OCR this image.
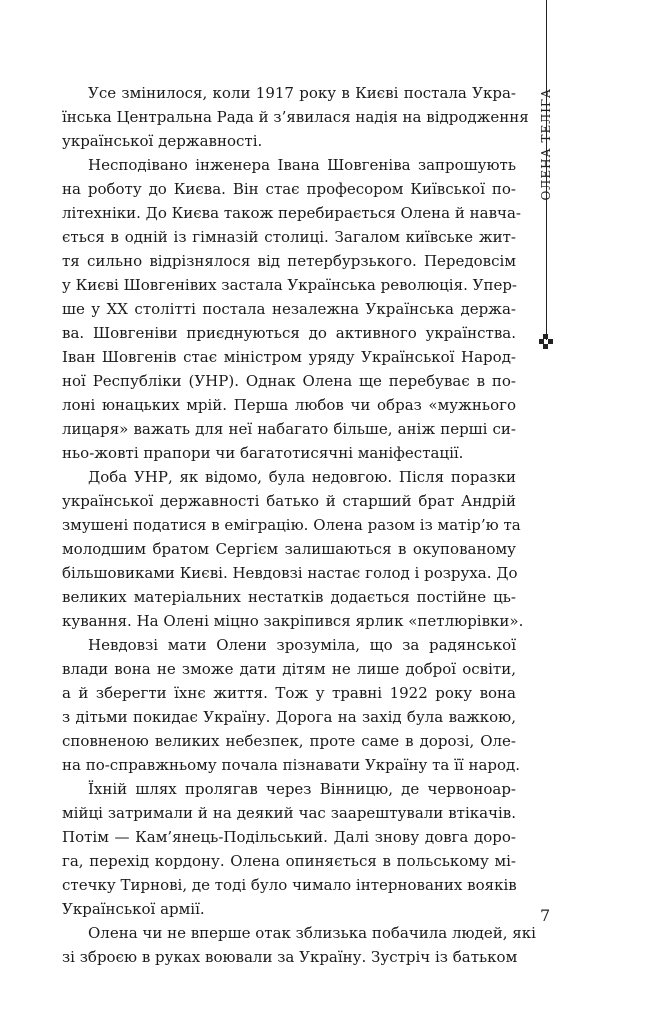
ОЛЕНА ТЕЛІГА
Усе змінилося, коли 1917 року в Києві постала Укра-
їнська Центральна Рада й з’явилася надія на відродження
української державності.
Несподівано інженера Івана Шовгеніва запрошують
на роботу до Києва. Він стає професором Київської по-
літехніки. До Києва також перебирається Олена й навча-
ється в одній із гімназій столиці. Загалом київське жит-
тя сильно відрізнялося від петербурзького. Передовсім
у Києві Шовгенівих застала Українська революція. Упер-
ше у XX столітті постала незалежна Українська держа-
ва. Шовгеніви приєднуються до активного українства.
Іван Шовгенів стає міністром уряду Української Народ-
ної Республіки (УНР). Однак Олена ще перебуває в по-
лоні юнацьких мрій. Перша любов чи образ «мужнього
лицаря» важать для неї набагато більше, аніж перші си-
ньо-жовті прапори чи багатотисячні маніфестації.
Доба УНР, як відомо, була недовгою. Після поразки
української державності батько й старший брат Андрій
змушені податися в еміграцію. Олена разом із матір’ю та
молодшим братом Сергієм залишаються в окупованому
більшовиками Києві. Невдовзі настає голод і розруха. До
великих матеріальних нестатків додається постійне ць-
кування. На Олені міцно закріпився ярлик «петлюрівки».
Невдовзі мати Олени зрозуміла, що за радянської
влади вона не зможе дати дітям не лише доброї освіти,
а й зберегти їхнє життя. Тож у травні 1922 року вона
з дітьми покидає Україну. Дорога на захід була важкою,
сповненою великих небезпек, проте саме в дорозі, Оле-
на по-справжньому почала пізнавати Україну та її народ.
Їхній шлях пролягав через Вінницю, де червоноар-
мійці затримали й на деякий час заарештували втікачів.
Потім — Кам’янець-Подільський. Далі знову довга доро-
га, перехід кордону. Олена опиняється в польському мі-
стечку Тирнові, де тоді було чимало інтернованих вояків
Української армії.
Олена чи не вперше отак зблизька побачила людей, які
зі зброєю в руках воювали за Україну. Зустріч із батьком
7
